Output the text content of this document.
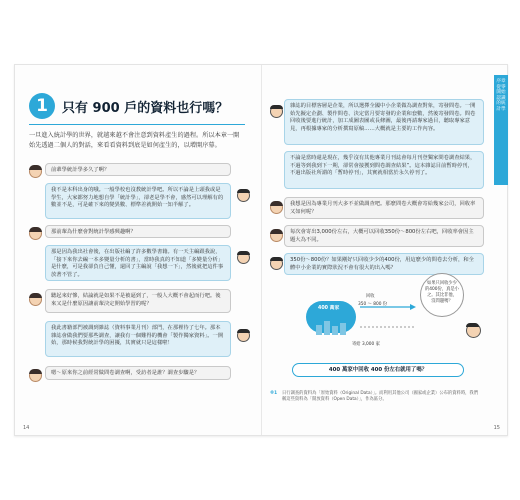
1	只有 900 戶的資料也行嗎？
一旦進入統計學的世界，就越來越不會注意到資料產生的過程。所以本章一開始先透過二個人的對話，來看看資料到底是如何產生的，以增開序幕。
前輩學統計學多久了啊？
我不是本科出身的哦。一般學校也沒教統計學吧。所以不論是上頭我或是學生，大家都努力地想自學「統計學」，卻老是學不會，感然可以理解有的數並不是，可是確下來的變異數、標準差就開始一知半解了。
那前輩為什麼會對統計學感興趣啊？
那是因為我出社會後，在出版社編了許多數學書籍。有一天主編跟我說，「接下來你去編一本多變量分析的書」，當時我真的不知道「多變量分析」是什麼，可是我卻負自己懂，還回了主編說「我想一下」，然後就把這件事放著不管了。
聽起來好慘，結論就是如果不是被逼到了，一般人大概不會起而行吧。後來又是什麼原因讓前輩決定開始學習的呢？
我此書籍部門被調到雜誌（資料事業月刊）部門，在那裡待了七年。那本雜誌會做我們要那些調查，讓我有一個難得的機會「製作獨家資料」。一開始，那時候我對統計學的困擾，其實就只是這樣啦！
嗯～原來你之前經常做問卷調查啊，受訪者是誰？調查步驟是？
14
序章　從零開始認識的統計學
雜誌的目標客層是企業，所以選擇全國中小企業做為調查對象，寄發問卷。一開始先擬定企劃、製作問卷、決定當月要寄發的企業和套數，然後寄發問卷。問卷回收後要進行統計，加工成圖表圖或長條圖，最後再請專家過目，聽取專家意見，再根據專家的分析撰寫原稿……大概就是主要的工作內容。
不論是當時還是現在，幾乎沒有其他專業月刊誌會每月刊登獨家問卷調查結果，不過等到我到下一期，卻常會接獲到問卷調查結果”。這本雜誌目前暫時停刊，不過出版社所謂的「暫時停刊」，其實就相當於永久停刊了。
我想是因為專業月刊大多不並做調查吧。那麼問卷大概會寄給幾家公司，回收率又如何呢？
每次會寄出3,000份左右，大概可以回收350份〜800份左右吧，回收率會因主題大為不同。
350份〜800份？如果剛好只回收少少的400份，用這麼少的問卷去分析，和全體中小企業的實際狀況不會有很大的出入嗎？
400 萬家
回收
350 〜 800 份
寄給 3,000 家
如果只回收少少的400份，真是小之。其比非他，沒問題嗎？
400 萬家中回收 400 份左右就用了嗎？
※1	日行調查的資料為「原始資料（Original Data）」。而利用其他公司（國家或企業）公布的資料時，我們稱這些資料為「開放資料（Open Data）」，作為區分。
15
